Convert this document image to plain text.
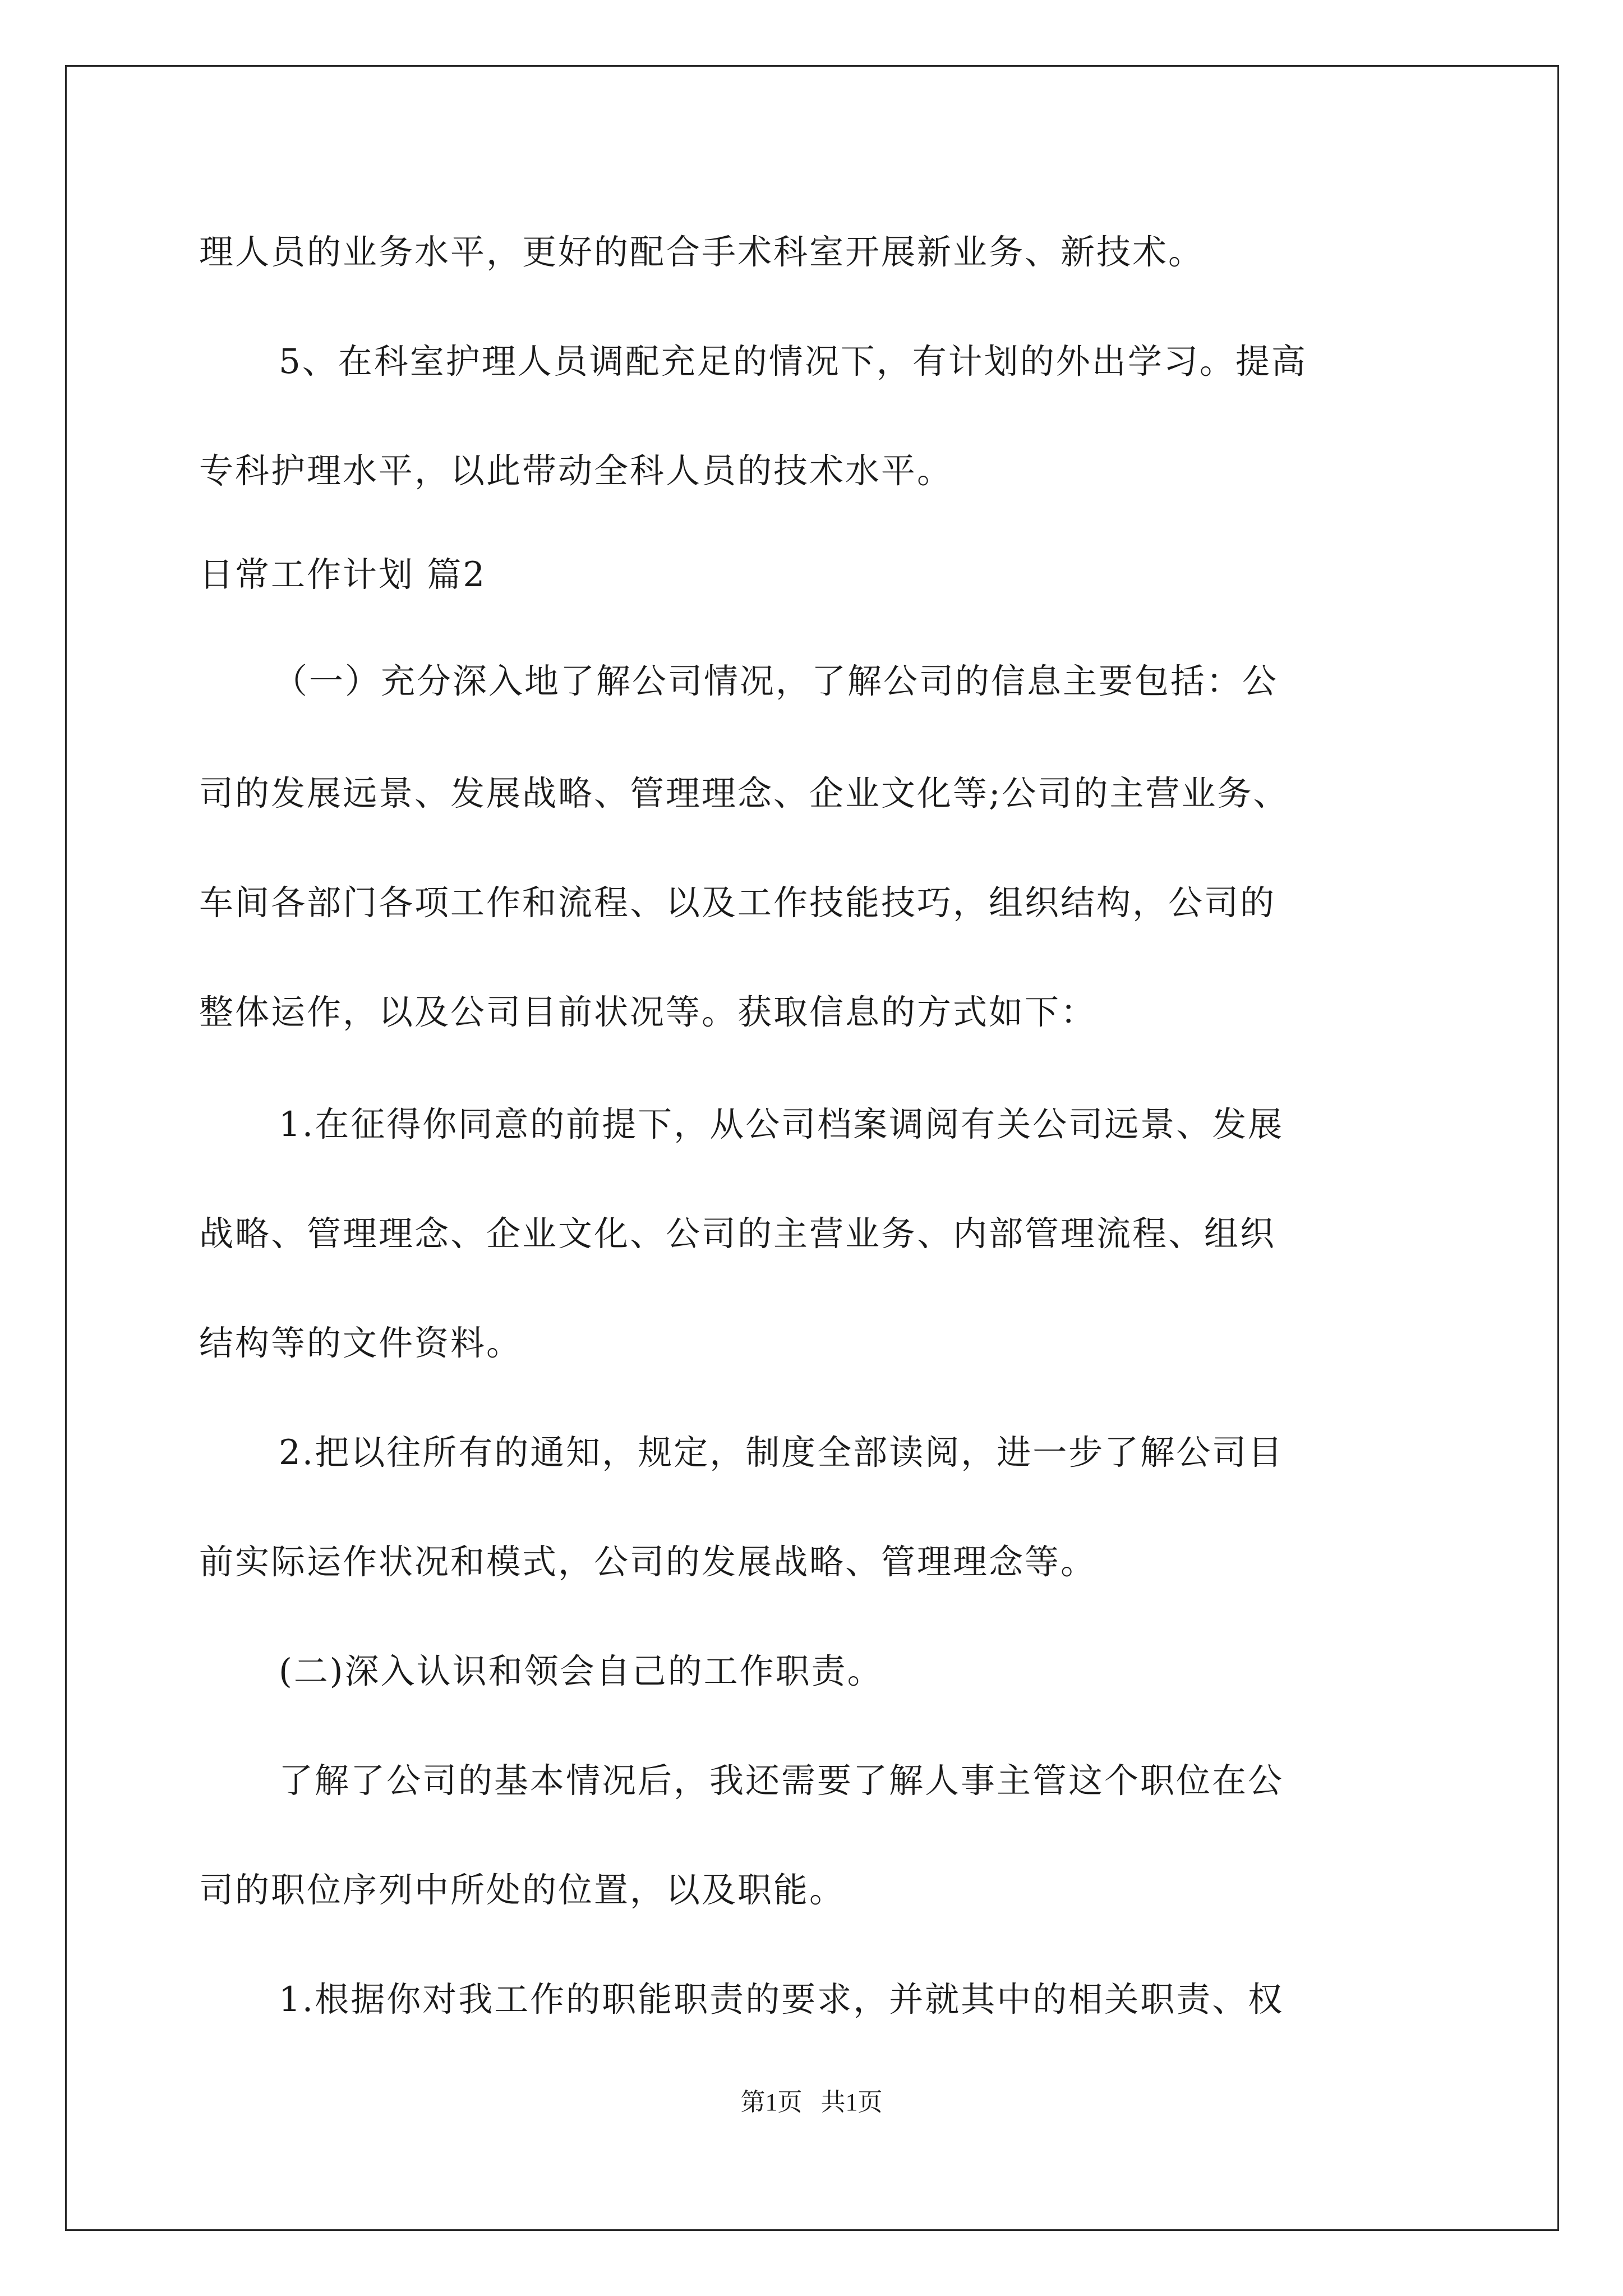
理人员的业务水平，更好的配合手术科室开展新业务、新技术。
5、在科室护理人员调配充足的情况下，有计划的外出学习。提高
专科护理水平，以此带动全科人员的技术水平。
日常工作计划 篇2
（一）充分深入地了解公司情况，了解公司的信息主要包括：公
司的发展远景、发展战略、管理理念、企业文化等;公司的主营业务、
车间各部门各项工作和流程、以及工作技能技巧，组织结构，公司的
整体运作，以及公司目前状况等。获取信息的方式如下：
1.在征得你同意的前提下，从公司档案调阅有关公司远景、发展
战略、管理理念、企业文化、公司的主营业务、内部管理流程、组织
结构等的文件资料。
2.把以往所有的通知，规定，制度全部读阅，进一步了解公司目
前实际运作状况和模式，公司的发展战略、管理理念等。
(二)深入认识和领会自己的工作职责。
了解了公司的基本情况后，我还需要了解人事主管这个职位在公
司的职位序列中所处的位置，以及职能。
1.根据你对我工作的职能职责的要求，并就其中的相关职责、权
第1页   共1页
